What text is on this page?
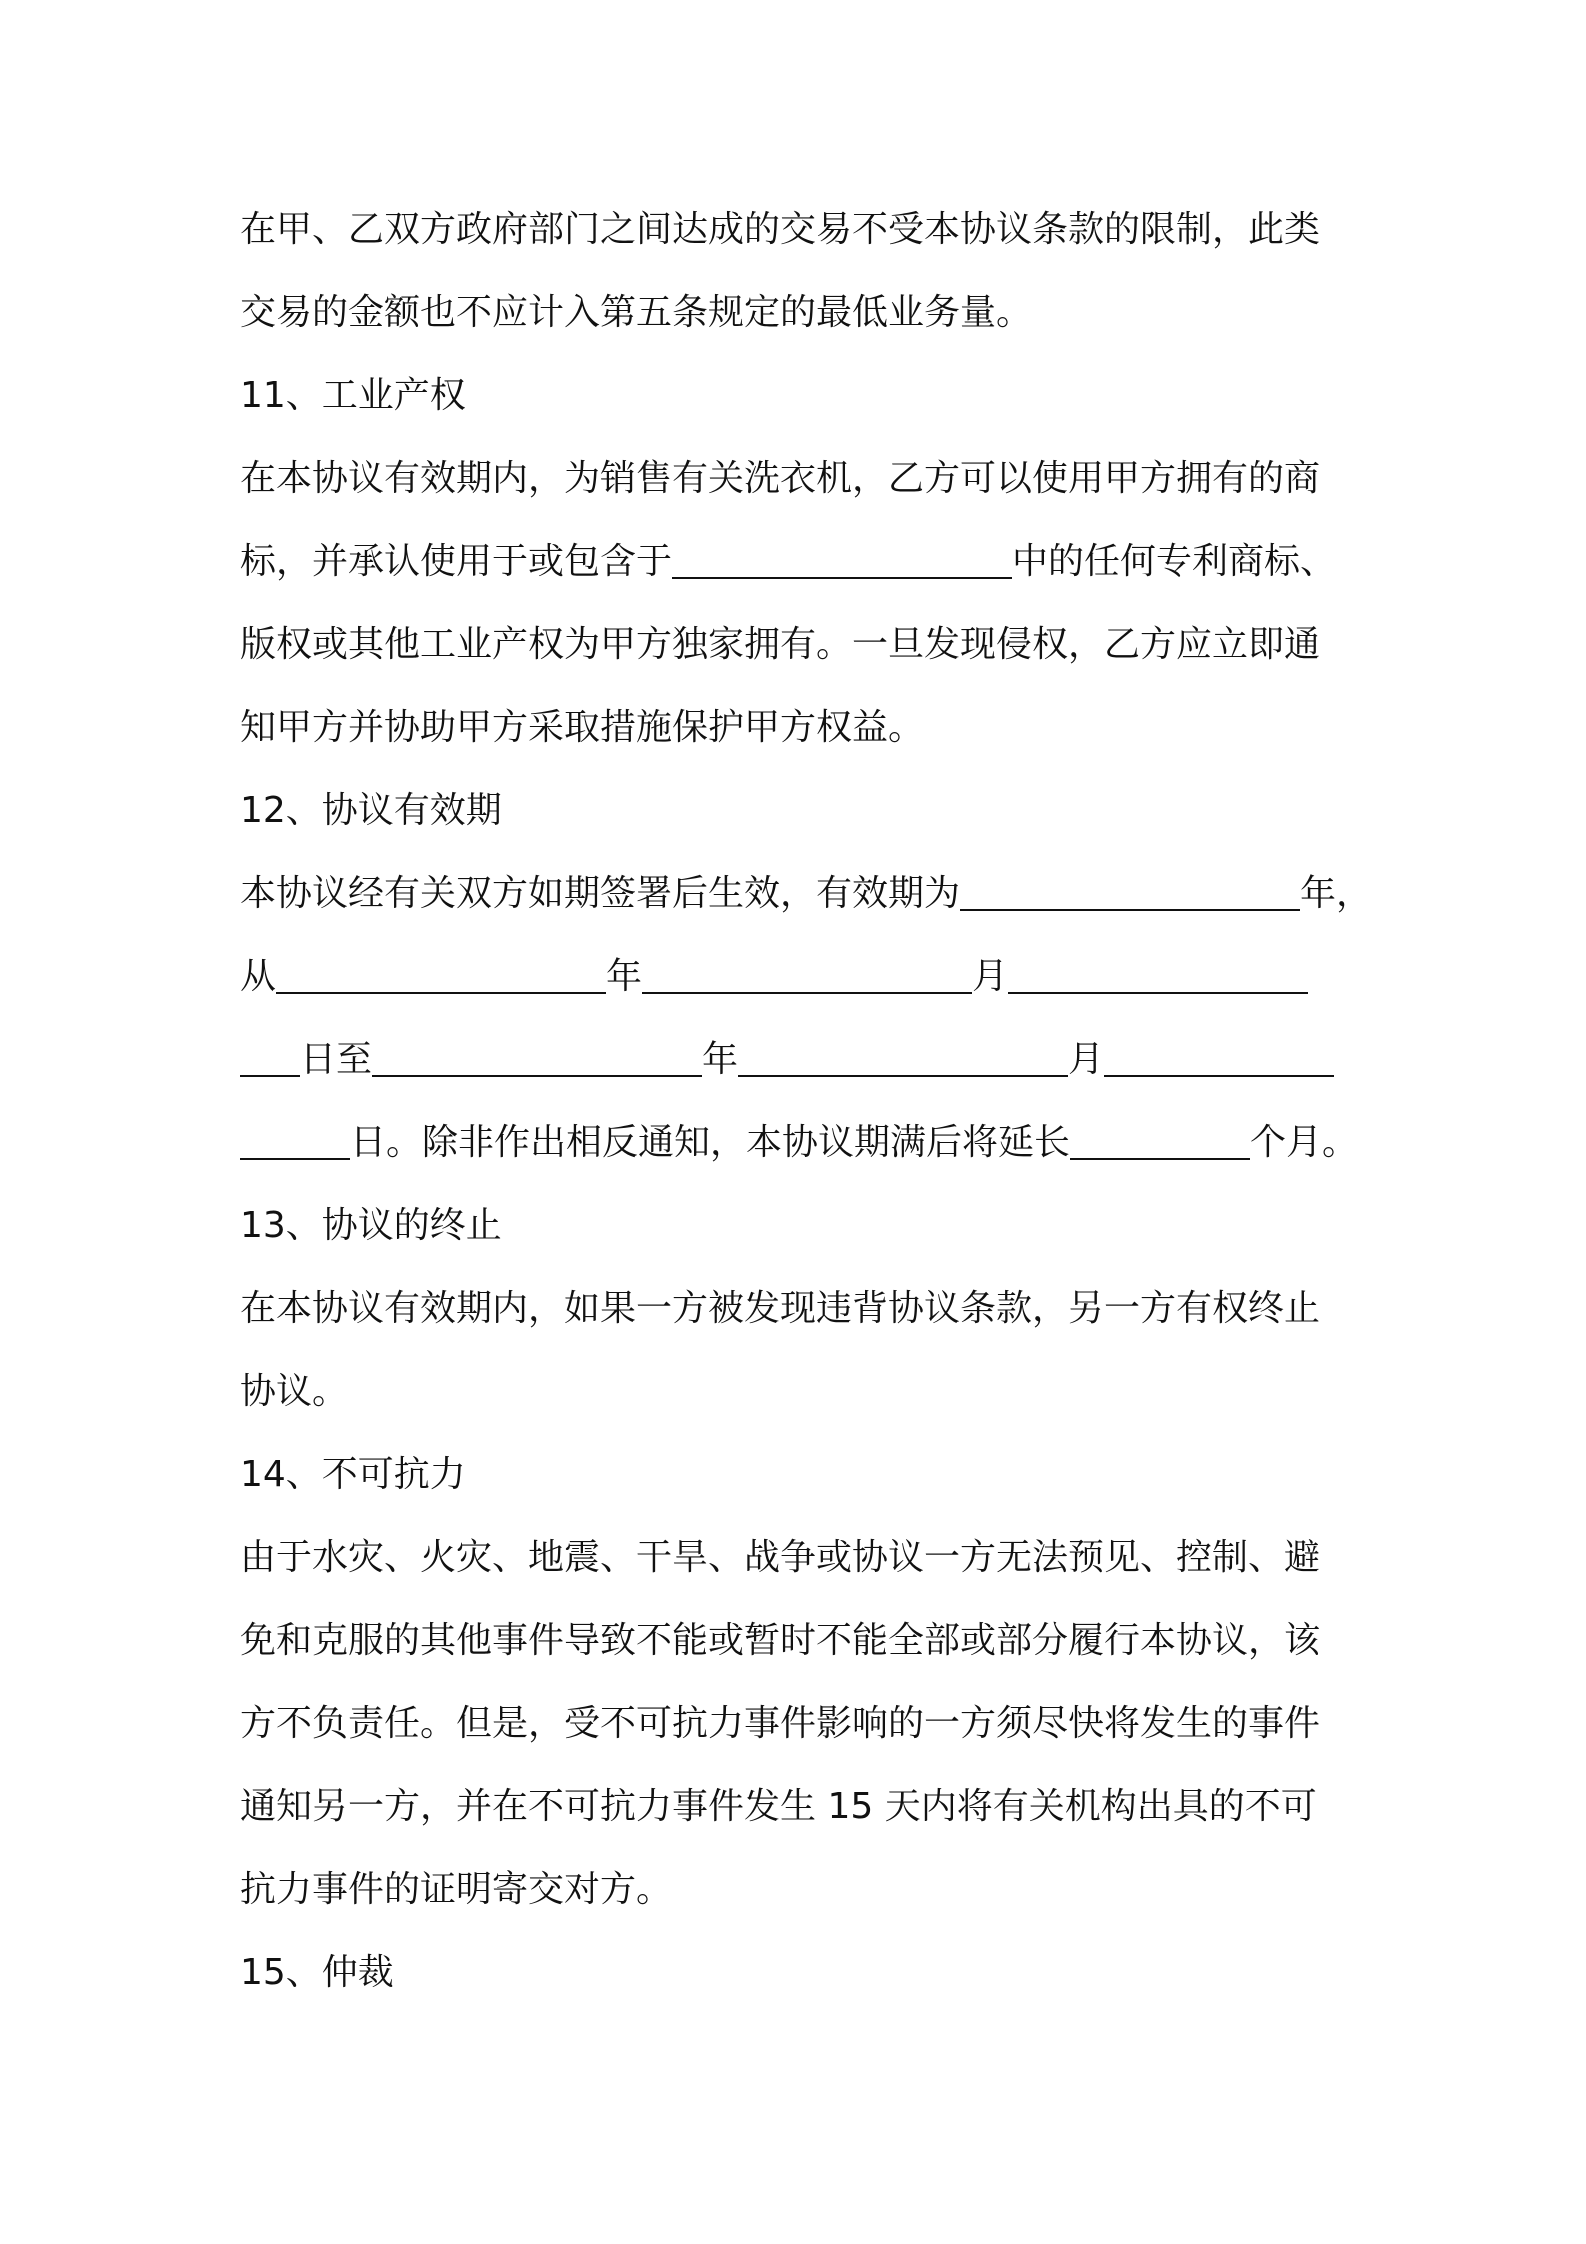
在甲、乙双方政府部门之间达成的交易不受本协议条款的限制，此类
交易的金额也不应计入第五条规定的最低业务量。
11、工业产权
在本协议有效期内，为销售有关洗衣机，乙方可以使用甲方拥有的商
标，并承认使用于或包含于	中的任何专利商标、
版权或其他工业产权为甲方独家拥有。一旦发现侵权，乙方应立即通
知甲方并协助甲方采取措施保护甲方权益。
12、协议有效期
本协议经有关双方如期签署后生效，有效期为	年，
从	年	月
日至	年	月
日。除非作出相反通知，本协议期满后将延长	个月。
13、协议的终止
在本协议有效期内，如果一方被发现违背协议条款，另一方有权终止
协议。
14、不可抗力
由于水灾、火灾、地震、干旱、战争或协议一方无法预见、控制、避
免和克服的其他事件导致不能或暂时不能全部或部分履行本协议，该
方不负责任。但是，受不可抗力事件影响的一方须尽快将发生的事件
通知另一方，并在不可抗力事件发生 15 天内将有关机构出具的不可
抗力事件的证明寄交对方。
15、仲裁
